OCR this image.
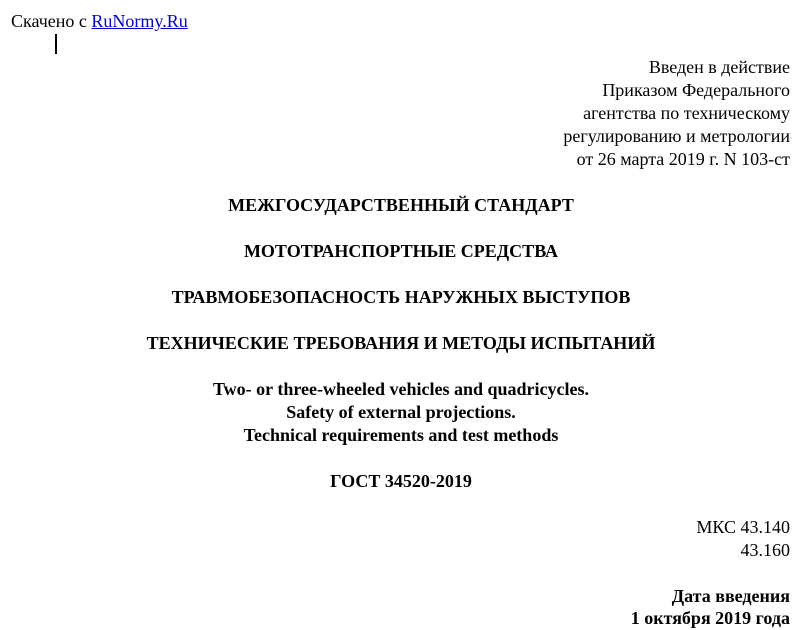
Скачено с RuNormy.Ru
Введен в действие
Приказом Федерального
агентства по техническому
регулированию и метрологии
от 26 марта 2019 г. N 103-ст
МЕЖГОСУДАРСТВЕННЫЙ СТАНДАРТ
МОТОТРАНСПОРТНЫЕ СРЕДСТВА
ТРАВМОБЕЗОПАСНОСТЬ НАРУЖНЫХ ВЫСТУПОВ
ТЕХНИЧЕСКИЕ ТРЕБОВАНИЯ И МЕТОДЫ ИСПЫТАНИЙ
Two- or three-wheeled vehicles and quadricycles.
Safety of external projections.
Technical requirements and test methods
ГОСТ 34520-2019
МКС 43.140
43.160
Дата введения
1 октября 2019 года
